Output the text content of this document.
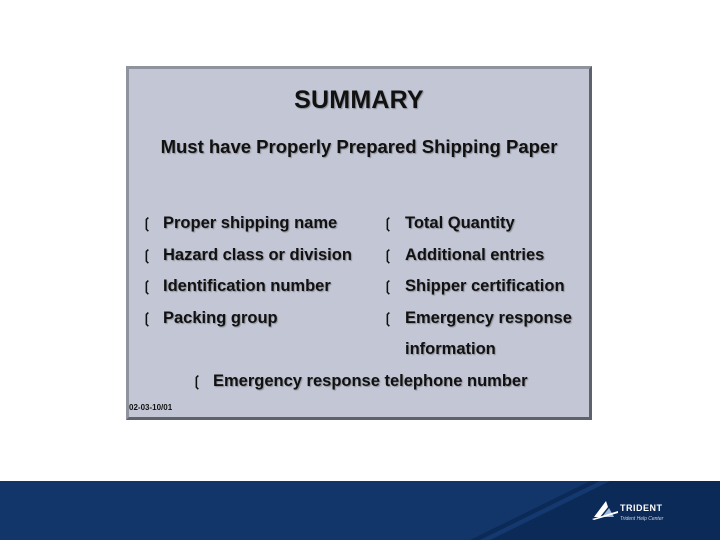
SUMMARY
Must have Properly Prepared Shipping Paper
❲ Proper shipping name
❲ Hazard class or division
❲ Identification number
❲ Packing group
❲ Total Quantity
❲ Additional entries
❲ Shipper certification
❲ Emergency response
information
❲ Emergency response telephone number
02-03-10/01
TRIDENT
Trident Help Center
